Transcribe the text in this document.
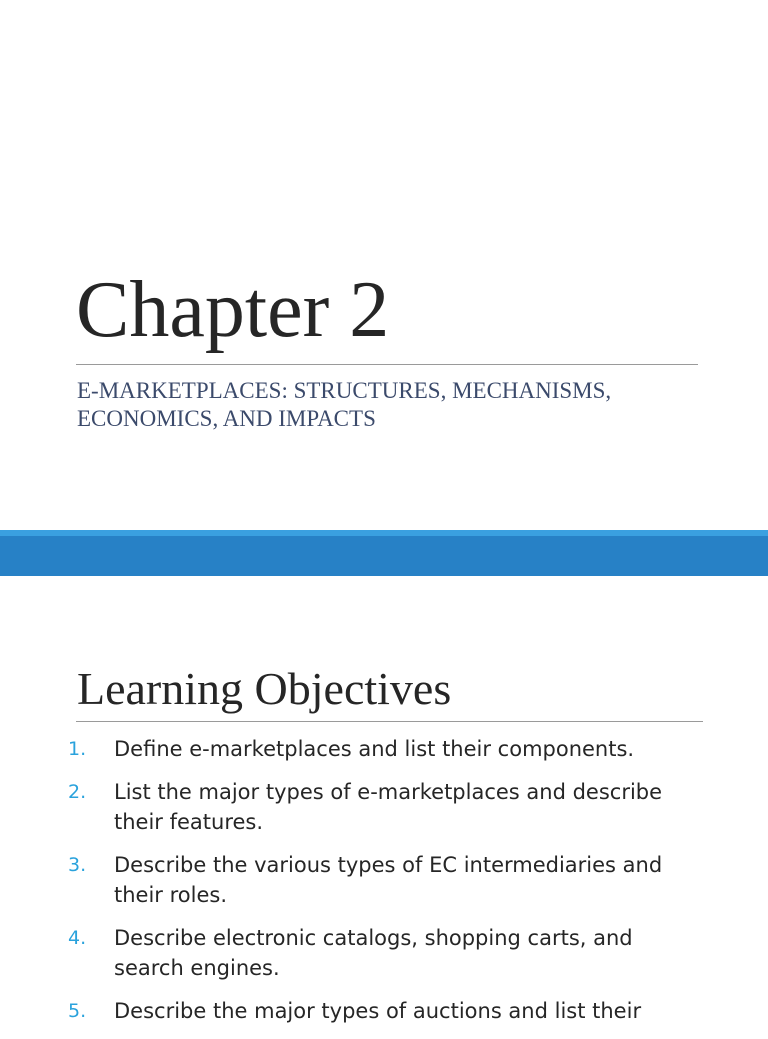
Chapter 2
E-MARKETPLACES: STRUCTURES, MECHANISMS, ECONOMICS, AND IMPACTS
Learning Objectives
1. Define e-marketplaces and list their components.
2. List the major types of e-marketplaces and describe their features.
3. Describe the various types of EC intermediaries and their roles.
4. Describe electronic catalogs, shopping carts, and search engines.
5. Describe the major types of auctions and list their
